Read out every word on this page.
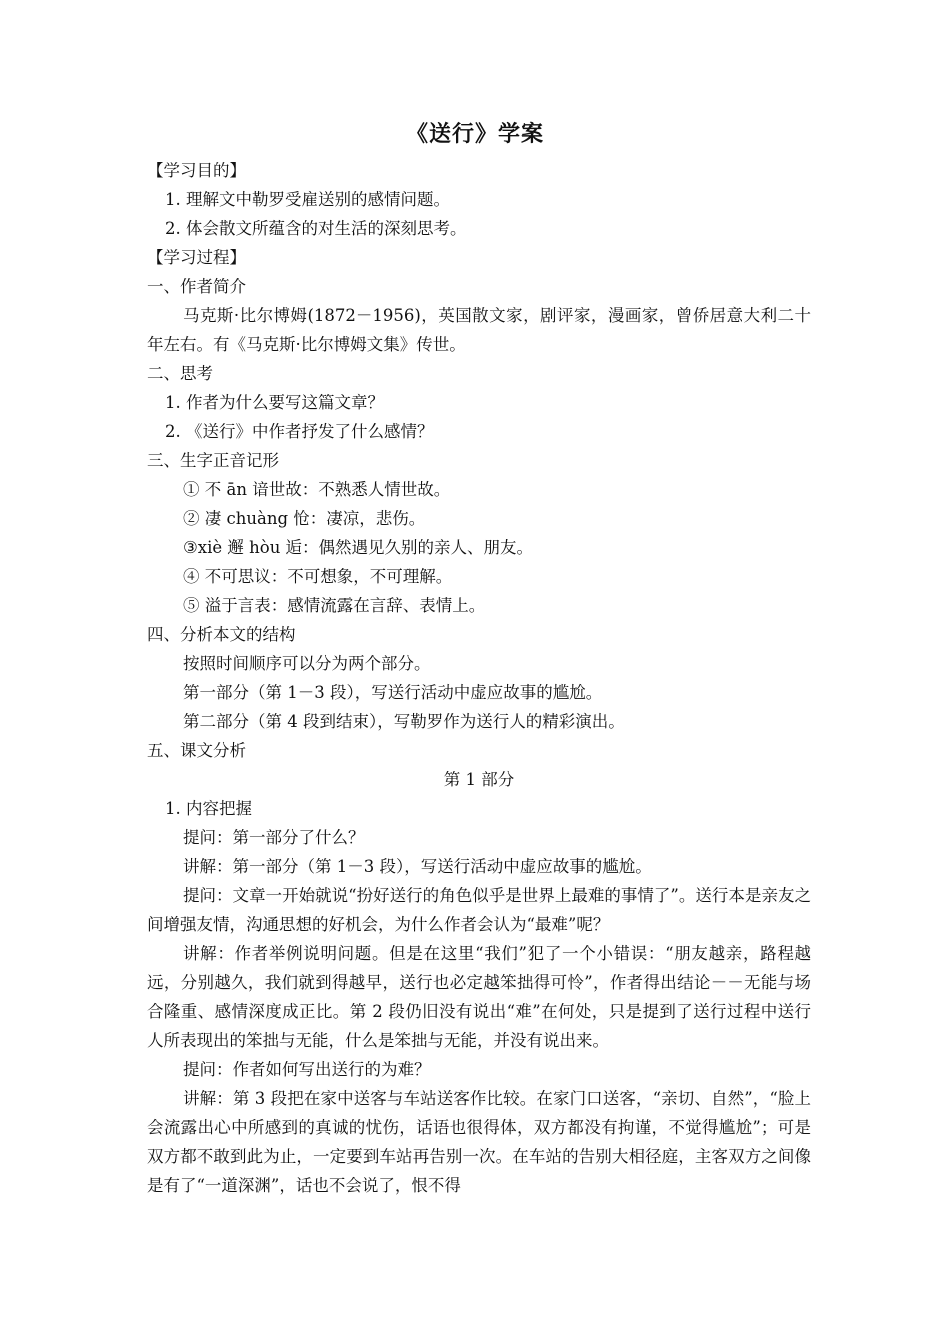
《送行》学案

【学习目的】

1. 理解文中勒罗受雇送别的感情问题。

2. 体会散文所蕴含的对生活的深刻思考。

【学习过程】

一、作者简介

马克斯·比尔博姆(1872－1956)，英国散文家，剧评家，漫画家，曾侨居意大利二十年左右。有《马克斯·比尔博姆文集》传世。

二、思考

1. 作者为什么要写这篇文章？

2. 《送行》中作者抒发了什么感情？

三、生字正音记形

① 不 ān 谙世故：不熟悉人情世故。

② 凄 chuàng 怆：凄凉，悲伤。

③xiè 邂 hòu 逅：偶然遇见久别的亲人、朋友。

④ 不可思议：不可想象，不可理解。

⑤ 溢于言表：感情流露在言辞、表情上。

四、分析本文的结构

按照时间顺序可以分为两个部分。

第一部分（第 1－3 段），写送行活动中虚应故事的尴尬。

第二部分（第 4 段到结束），写勒罗作为送行人的精彩演出。

五、课文分析

第 1 部分

1. 内容把握

提问：第一部分了什么？

讲解：第一部分（第 1－3 段），写送行活动中虚应故事的尴尬。

提问：文章一开始就说“扮好送行的角色似乎是世界上最难的事情了”。送行本是亲友之间增强友情，沟通思想的好机会，为什么作者会认为“最难”呢？

讲解：作者举例说明问题。但是在这里“我们”犯了一个小错误：“朋友越亲，路程越远，分别越久，我们就到得越早，送行也必定越笨拙得可怜”，作者得出结论－－无能与场合隆重、感情深度成正比。第 2 段仍旧没有说出“难”在何处，只是提到了送行过程中送行人所表现出的笨拙与无能，什么是笨拙与无能，并没有说出来。

提问：作者如何写出送行的为难？

讲解：第 3 段把在家中送客与车站送客作比较。在家门口送客，“亲切、自然”，“脸上会流露出心中所感到的真诚的忧伤，话语也很得体，双方都没有拘谨，不觉得尴尬”；可是双方都不敢到此为止，一定要到车站再告别一次。在车站的告别大相径庭，主客双方之间像是有了“一道深渊”，话也不会说了，恨不得
